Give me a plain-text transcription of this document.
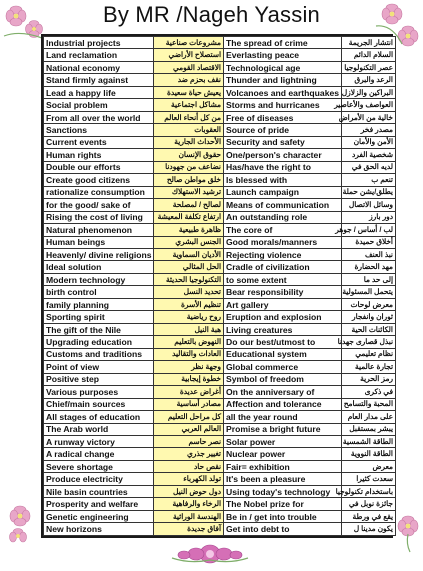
By MR /Nageh Yassin
Industrial projects	مشروعات صناعية	The spread of crime	انتشار الجريمة
Land reclamation	استصلاح الأراضي	Everlasting peace	السلام الدائم
National economy	الاقتصاد القومي	Technological age	عصر التكنولوجيا
Stand firmly against	نقف بحزم ضد	Thunder and lightning	الرعد والبرق
Lead a happy life	يعيش حياة سعيدة	Volcanoes and earthquakes	البراكين والزلازل
Social problem	مشاكل اجتماعية	Storms and hurricanes	العواصف والأعاصير
From all over the world	من كل أنحاء العالم	Free of diseases	خالية من الأمراض
Sanctions	العقوبات	Source of pride	مصدر فخر
Current events	الأحداث الجارية	Security and safety	الأمن والأمان
Human rights	حقوق الإنسان	One/person's character	شخصية الفرد
Double our efforts	نضاعف من جهودنا	Has/have the right to	لديه الحق في
Create good citizens	خلق مواطن صالح	Is blessed with	تنعم ب
rationalize consumption	ترشيد الاستهلاك	Launch campaign	يطلق/يشن حملة
for the good/ sake of	لصالح / لمصلحة	Means of communication	وسائل الاتصال
Rising the cost of living	ارتفاع تكلفة المعيشة	An outstanding role	دور بارز
Natural phenomenon	ظاهرة طبيعية	The core of	لب / أساس / جوهر
Human beings	الجنس البشري	Good morals/manners	أخلاق حميدة
Heavenly/ divine religions	الأديان السماوية	Rejecting violence	نبذ العنف
Ideal solution	الحل المثالي	Cradle of civilization	مهد الحضارة
Modern technology	التكنولوجيا الحديثة	to some extent	إلى حد ما
birth control	تحديد النسل	Bear responsibility	يتحمل المسئولية
family planning	تنظيم الأسرة	Art gallery	معرض لوحات
Sporting spirit	روح رياضية	Eruption and explosion	ثوران وانفجار
The gift of the Nile	هبة النيل	Living creatures	الكائنات الحية
Upgrading education	النهوض بالتعليم	Do our best/utmost to	نبذل قصارى جهدنا
Customs and traditions	العادات والتقاليد	Educational system	نظام تعليمي
Point of view	وجهة نظر	Global commerce	تجارة عالمية
Positive step	خطوة إيجابية	Symbol of freedom	رمز الحرية
Various purposes	أغراض عديدة	On the anniversary of	في ذكرى
Chief/main sources	مصادر أساسية	Affection and tolerance	المحبة والتسامح
All stages of education	كل مراحل التعليم	all the year round	على مدار العام
The Arab world	العالم العربي	Promise a bright future	يبشر بمستقبل
A runway victory	نصر حاسم	Solar power	الطاقة الشمسية
A radical change	تغيير جذري	Nuclear power	الطاقة النووية
Severe shortage	نقص حاد	Fair= exhibition	معرض
Produce electricity	تولد الكهرباء	It's been a pleasure	سعدت كثيرا
Nile basin countries	دول حوض النيل	Using today's technology	باستخدام تكنولوجيا
Prosperity and welfare	الرخاء والرفاهية	The Nobel prize for	جائزة نوبل في
Genetic engineering	الهندسة الوراثية	Be in / get into trouble	يقع في ورطة
New horizons	آفاق جديدة	Get into debt to	يكون مدينا ل
